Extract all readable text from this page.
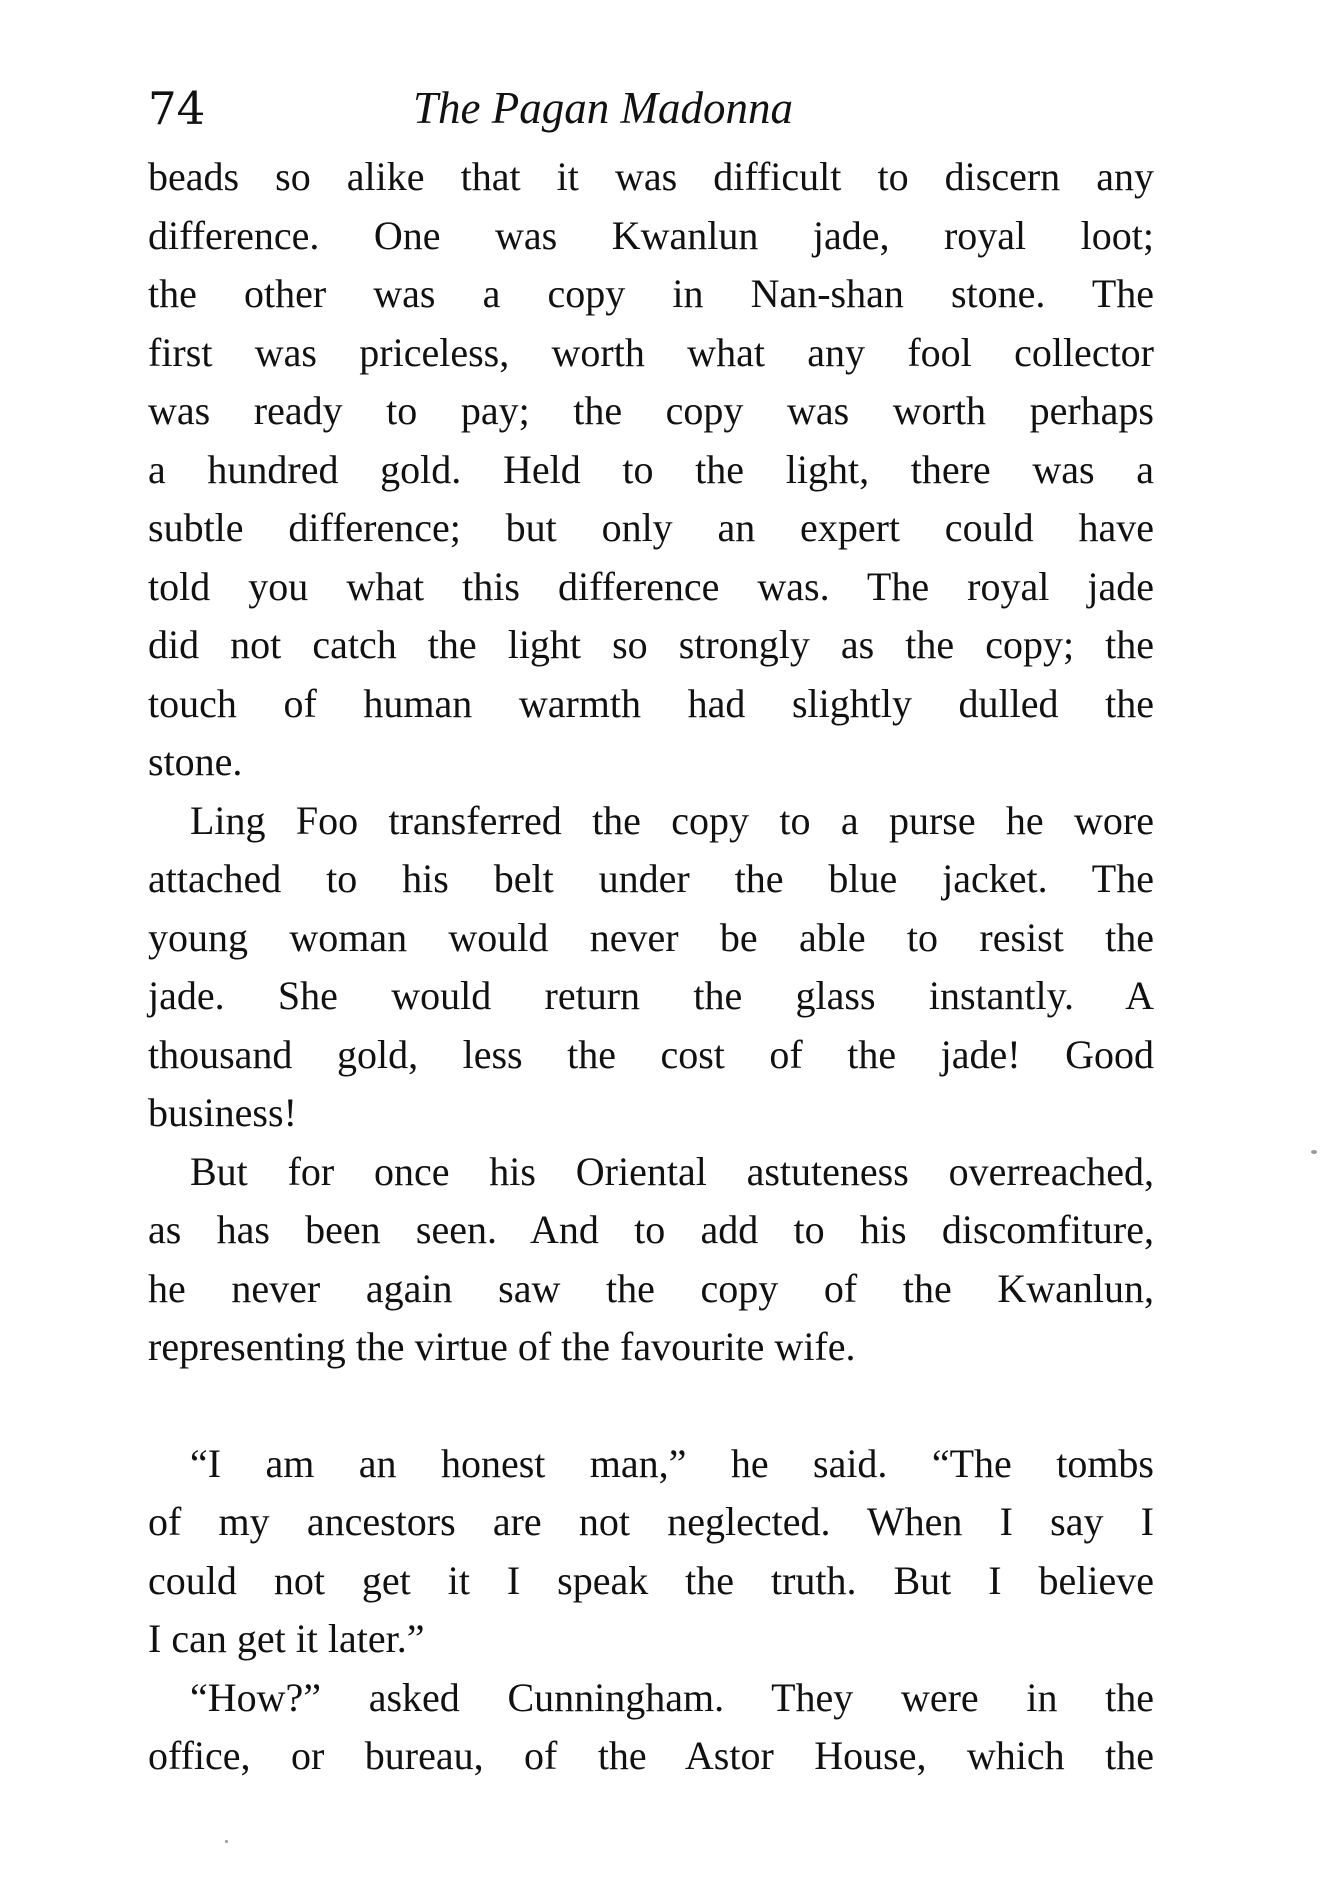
74	The Pagan Madonna
beads so alike that it was difficult to discern any
difference. One was Kwanlun jade, royal loot;
the other was a copy in Nan-shan stone. The
first was priceless, worth what any fool collector
was ready to pay; the copy was worth perhaps
a hundred gold. Held to the light, there was a
subtle difference; but only an expert could have
told you what this difference was. The royal jade
did not catch the light so strongly as the copy; the
touch of human warmth had slightly dulled the
stone.
Ling Foo transferred the copy to a purse he wore
attached to his belt under the blue jacket. The
young woman would never be able to resist the
jade. She would return the glass instantly. A
thousand gold, less the cost of the jade! Good
business!
But for once his Oriental astuteness overreached,
as has been seen. And to add to his discomfiture,
he never again saw the copy of the Kwanlun,
representing the virtue of the favourite wife.
“I am an honest man,” he said. “The tombs
of my ancestors are not neglected. When I say I
could not get it I speak the truth. But I believe
I can get it later.”
“How?” asked Cunningham. They were in the
office, or bureau, of the Astor House, which the
